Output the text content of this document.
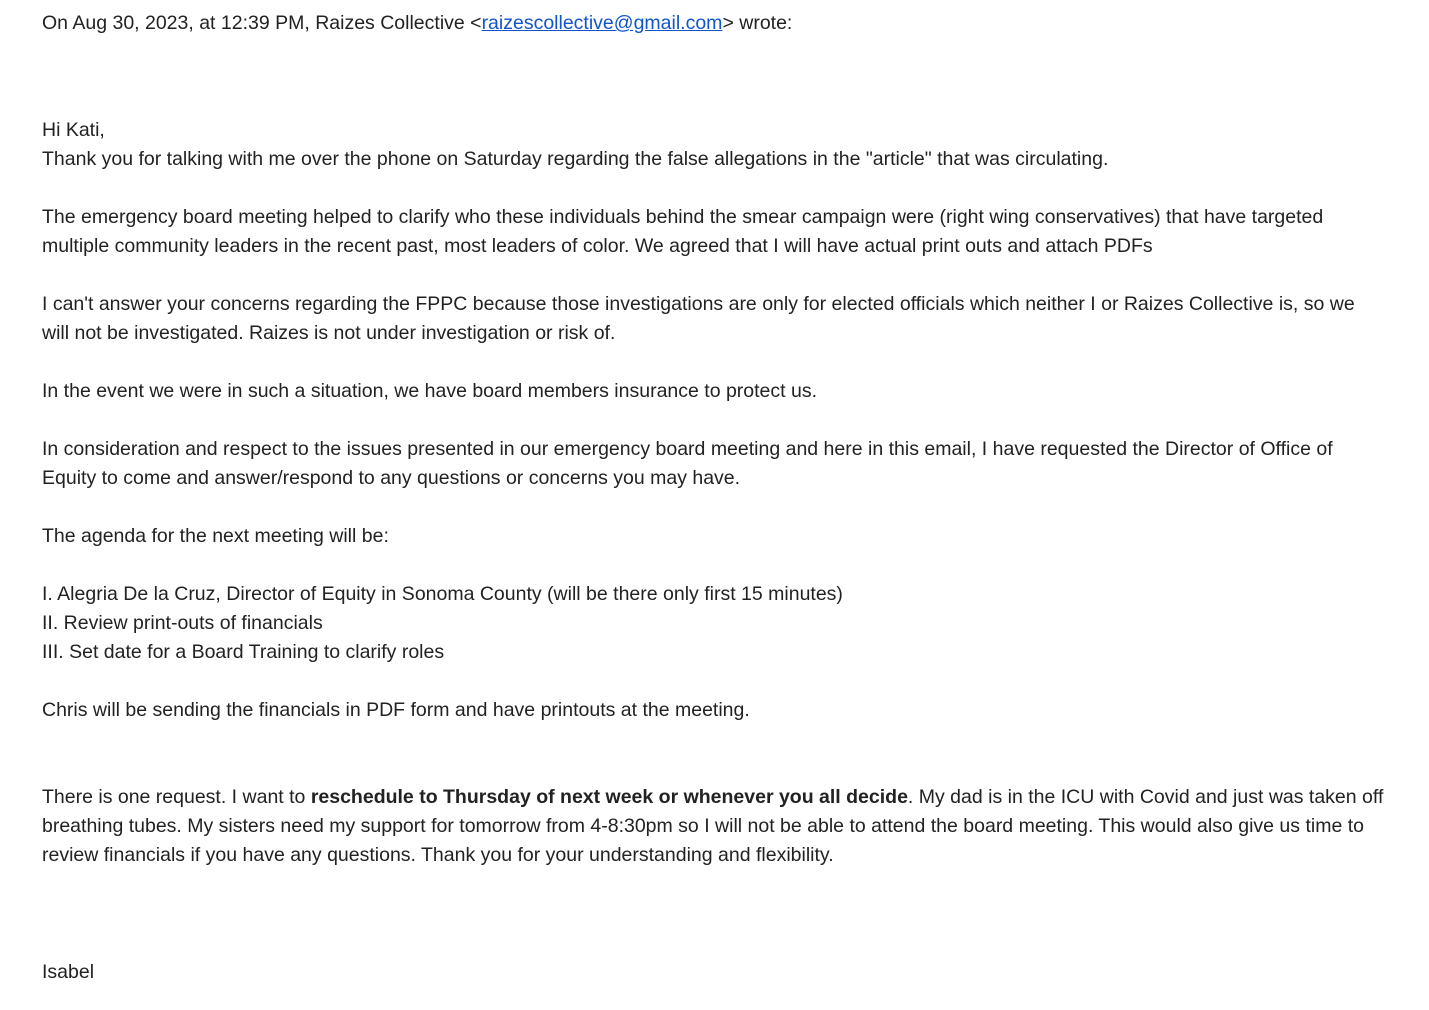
On Aug 30, 2023, at 12:39 PM, Raizes Collective <raizescollective@gmail.com> wrote:

Hi Kati,

Thank you for talking with me over the phone on Saturday regarding the false allegations in the "article" that was circulating.

The emergency board meeting helped to clarify who these individuals behind the smear campaign were (right wing conservatives) that have targeted multiple community leaders in the recent past, most leaders of color. We agreed that I will have actual print outs and attach PDFs

I can't answer your concerns regarding the FPPC because those investigations are only for elected officials which neither I or Raizes Collective is, so we will not be investigated. Raizes is not under investigation or risk of.

In the event we were in such a situation, we have board members insurance to protect us.

In consideration and respect to the issues presented in our emergency board meeting and here in this email, I have requested the Director of Office of Equity to come and answer/respond to any questions or concerns you may have.

The agenda for the next meeting will be:

I. Alegria De la Cruz, Director of Equity in Sonoma County (will be there only first 15 minutes)

II. Review print-outs of financials

III. Set date for a Board Training to clarify roles

Chris will be sending the financials in PDF form and have printouts at the meeting.

There is one request. I want to reschedule to Thursday of next week or whenever you all decide. My dad is in the ICU with Covid and just was taken off breathing tubes. My sisters need my support for tomorrow from 4-8:30pm so I will not be able to attend the board meeting. This would also give us time to review financials if you have any questions. Thank you for your understanding and flexibility.

Isabel
